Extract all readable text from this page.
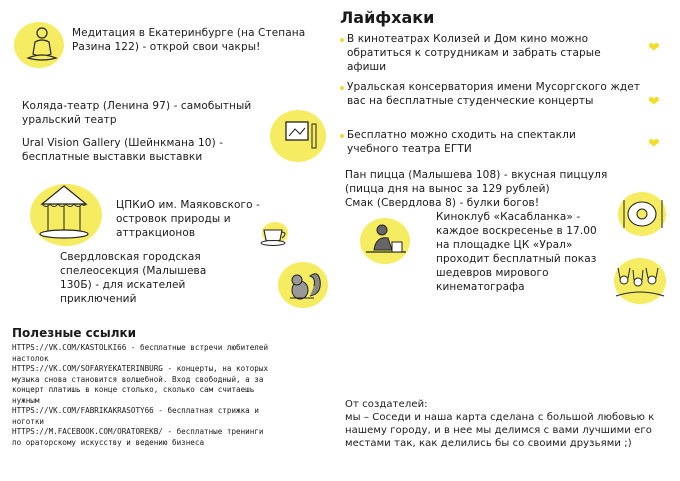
Медитация в Екатеринбурге (на Степана Разина 122) - открой свои чакры!
Коляда-театр (Ленина 97) - самобытный уральский театр
Ural Vision Gallery (Шейнкмана 10) - бесплатные выставки выставки
ЦПКиО им. Маяковского - островок природы и аттракционов
Свердловская городская спелеосекция (Малышева 130Б) - для искателей приключений
Полезные ссылки
HTTPS://VK.COM/KASTOLKI66 - бесплатные встречи любителей настолок
HTTPS://VK.COM/SOFARYEKATERINBURG - концерты, на которых музыка снова становится волшебной. Вход свободный, а за концерт платишь в конце столько, сколько сам считаешь нужным
HTTPS://VK.COM/FABRIKAKRASOTY66 - бесплатная стрижка и ноготки
HTTPS://M.FACEBOOK.COM/ORATOREKB/ - бесплатные тренинги по ораторскому искусству и ведению бизнеса
Лайфхаки
В кинотеатрах Колизей и Дом кино можно обратиться к сотрудникам и забрать старые афиши
❤
Уральская консерватория имени Мусоргского ждет вас на бесплатные студенческие концерты	❤
Бесплатно можно сходить на спектакли учебного театра ЕГТИ	❤
Пан пицца (Малышева 108) - вкусная пиццуля (пицца дня на вынос за 129 рублей)
Смак (Свердлова 8) - булки богов!
Киноклуб «Касабланка» - каждое воскресенье в 17.00 на площадке ЦК «Урал» проходит бесплатный показ шедевров мирового кинематографа
От создателей:
мы – Соседи и наша карта сделана с большой любовью к нашему городу, и в нее мы делимся с вами лучшими его местами так, как делились бы со своими друзьями ;)
